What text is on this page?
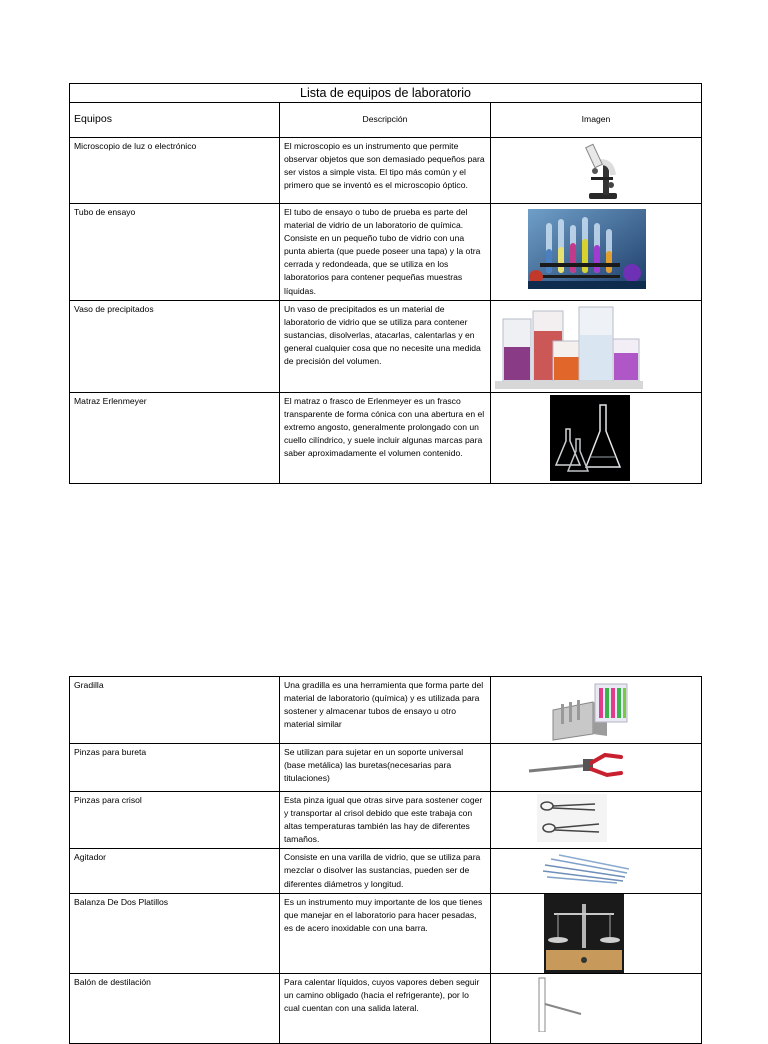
Lista de equipos de laboratorio		
Equipos	Descripción	Imagen
Microscopio de luz o electrónico	El microscopio es un instrumento que permite observar objetos que son demasiado pequeños para ser vistos a simple vista. El tipo más común y el primero que se inventó es el microscopio óptico.	

Tubo de ensayo	El tubo de ensayo o tubo de prueba es parte del material de vidrio de un laboratorio de química. Consiste en un pequeño tubo de vidrio con una punta abierta (que puede poseer una tapa) y la otra cerrada y redondeada, que se utiliza en los laboratorios para contener pequeñas muestras líquidas.	

Vaso de precipitados	Un vaso de precipitados es un material de laboratorio de vidrio que se utiliza para contener sustancias, disolverlas, atacarlas, calentarlas y en general cualquier cosa que no necesite una medida de precisión del volumen.	

Matraz Erlenmeyer	El matraz o frasco de Erlenmeyer es un frasco transparente de forma cónica con una abertura en el extremo angosto, generalmente prolongado con un cuello cilíndrico, y suele incluir algunas marcas para saber aproximadamente el volumen contenido.	
Gradilla	Una gradilla es una herramienta que forma parte del material de laboratorio (química) y es utilizada para sostener y almacenar tubos de ensayo u otro material similar	

Pinzas para bureta	Se utilizan para sujetar en un soporte universal (base metálica) las buretas(necesarias para titulaciones)	

Pinzas para crisol	Esta pinza igual que otras sirve para sostener coger y transportar al crisol debido que este trabaja con altas temperaturas también las hay de diferentes tamaños.	

Agitador	Consiste en una varilla de vidrio, que se utiliza para mezclar o disolver las sustancias, pueden ser de diferentes diámetros y longitud.	

Balanza De Dos Platillos	Es un instrumento muy importante de los que tienes que manejar en el laboratorio para hacer pesadas, es de acero inoxidable con una barra.	

Balón de destilación	Para calentar líquidos, cuyos vapores deben seguir un camino obligado (hacia el refrigerante), por lo cual cuentan con una salida lateral.	
